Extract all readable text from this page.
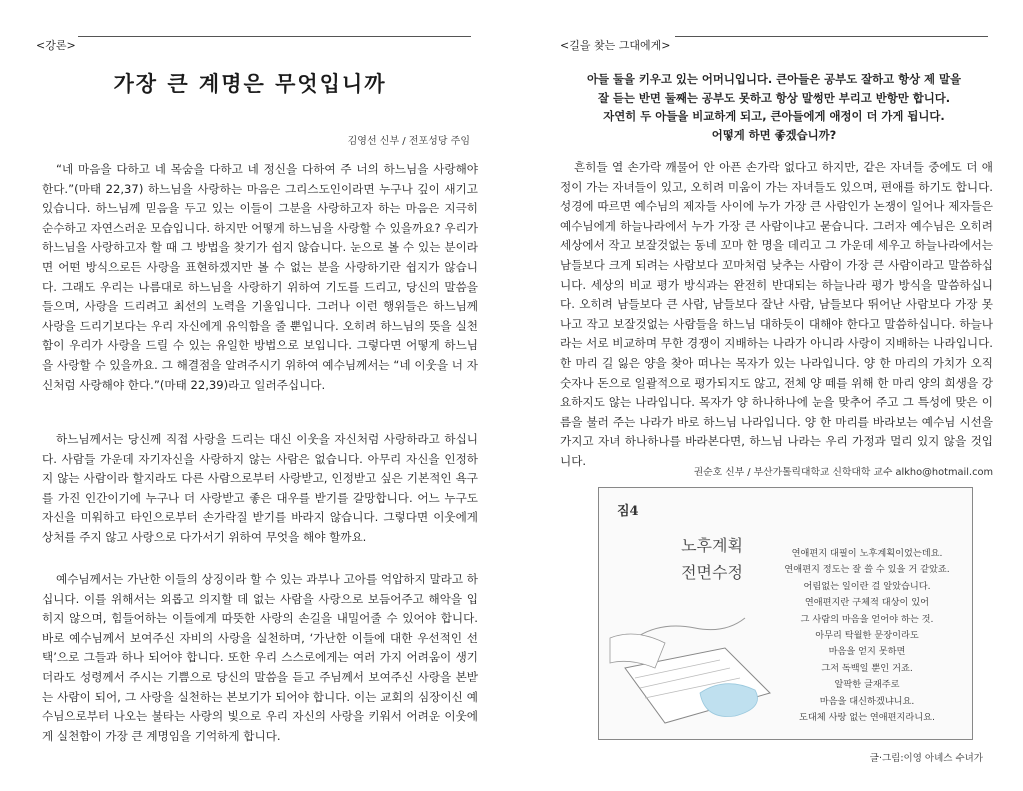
<강론>
가장 큰 계명은 무엇입니까
김영선 신부 / 전포성당 주임

“네 마음을 다하고 네 목숨을 다하고 네 정신을 다하여 주 너의 하느님을 사랑해야 한다.”(마태 22,37) 하느님을 사랑하는 마음은 그리스도인이라면 누구나 깊이 새기고 있습니다. 하느님께 믿음을 두고 있는 이들이 그분을 사랑하고자 하는 마음은 지극히 순수하고 자연스러운 모습입니다. 하지만 어떻게 하느님을 사랑할 수 있을까요? 우리가 하느님을 사랑하고자 할 때 그 방법을 찾기가 쉽지 않습니다. 눈으로 볼 수 있는 분이라면 어떤 방식으로든 사랑을 표현하겠지만 볼 수 없는 분을 사랑하기란 쉽지가 않습니다. 그래도 우리는 나름대로 하느님을 사랑하기 위하여 기도를 드리고, 당신의 말씀을 들으며, 사랑을 드리려고 최선의 노력을 기울입니다. 그러나 이런 행위들은 하느님께 사랑을 드리기보다는 우리 자신에게 유익함을 줄 뿐입니다. 오히려 하느님의 뜻을 실천함이 우리가 사랑을 드릴 수 있는 유일한 방법으로 보입니다. 그렇다면 어떻게 하느님을 사랑할 수 있을까요. 그 해결점을 알려주시기 위하여 예수님께서는 “네 이웃을 너 자신처럼 사랑해야 한다.”(마태 22,39)라고 일러주십니다.

하느님께서는 당신께 직접 사랑을 드리는 대신 이웃을 자신처럼 사랑하라고 하십니다. 사람들 가운데 자기자신을 사랑하지 않는 사람은 없습니다. 아무리 자신을 인정하지 않는 사람이라 할지라도 다른 사람으로부터 사랑받고, 인정받고 싶은 기본적인 욕구를 가진 인간이기에 누구나 더 사랑받고 좋은 대우를 받기를 갈망합니다. 어느 누구도 자신을 미워하고 타인으로부터 손가락질 받기를 바라지 않습니다. 그렇다면 이웃에게 상처를 주지 않고 사랑으로 다가서기 위하여 무엇을 해야 할까요.

예수님께서는 가난한 이들의 상징이라 할 수 있는 과부나 고아를 억압하지 말라고 하십니다. 이를 위해서는 외롭고 의지할 데 없는 사람을 사랑으로 보듬어주고 해악을 입히지 않으며, 힘들어하는 이들에게 따뜻한 사랑의 손길을 내밀어줄 수 있어야 합니다. 바로 예수님께서 보여주신 자비의 사랑을 실천하며, ‘가난한 이들에 대한 우선적인 선택’으로 그들과 하나 되어야 합니다. 또한 우리 스스로에게는 여러 가지 어려움이 생기더라도 성령께서 주시는 기쁨으로 당신의 말씀을 듣고 주님께서 보여주신 사랑을 본받는 사람이 되어, 그 사랑을 실천하는 본보기가 되어야 합니다. 이는 교회의 심장이신 예수님으로부터 나오는 불타는 사랑의 빛으로 우리 자신의 사랑을 키워서 어려운 이웃에게 실천함이 가장 큰 계명임을 기억하게 합니다.

<길을 찾는 그대에게>
아들 둘을 키우고 있는 어머니입니다. 큰아들은 공부도 잘하고 항상 제 말을
잘 듣는 반면 둘째는 공부도 못하고 항상 말썽만 부리고 반항만 합니다.
자연히 두 아들을 비교하게 되고, 큰아들에게 애정이 더 가게 됩니다.
어떻게 하면 좋겠습니까?

흔히들 열 손가락 깨물어 안 아픈 손가락 없다고 하지만, 같은 자녀들 중에도 더 애정이 가는 자녀들이 있고, 오히려 미움이 가는 자녀들도 있으며, 편애를 하기도 합니다. 성경에 따르면 예수님의 제자들 사이에 누가 가장 큰 사람인가 논쟁이 일어나 제자들은 예수님에게 하늘나라에서 누가 가장 큰 사람이냐고 묻습니다. 그러자 예수님은 오히려 세상에서 작고 보잘것없는 동네 꼬마 한 명을 데리고 그 가운데 세우고 하늘나라에서는 남들보다 크게 되려는 사람보다 꼬마처럼 낮추는 사람이 가장 큰 사람이라고 말씀하십니다. 세상의 비교 평가 방식과는 완전히 반대되는 하늘나라 평가 방식을 말씀하십니다. 오히려 남들보다 큰 사람, 남들보다 잘난 사람, 남들보다 뛰어난 사람보다 가장 못나고 작고 보잘것없는 사람들을 하느님 대하듯이 대해야 한다고 말씀하십니다. 하늘나라는 서로 비교하며 무한 경쟁이 지배하는 나라가 아니라 사랑이 지배하는 나라입니다. 한 마리 길 잃은 양을 찾아 떠나는 목자가 있는 나라입니다. 양 한 마리의 가치가 오직 숫자나 돈으로 일괄적으로 평가되지도 않고, 전체 양 떼를 위해 한 마리 양의 희생을 강요하지도 않는 나라입니다. 목자가 양 하나하나에 눈을 맞추어 주고 그 특성에 맞은 이름을 불러 주는 나라가 바로 하느님 나라입니다. 양 한 마리를 바라보는 예수님 시선을 가지고 자녀 하나하나를 바라본다면, 하느님 나라는 우리 가정과 멀리 있지 않을 것입니다.

권순호 신부 / 부산가톨릭대학교 신학대학 교수 alkho@hotmail.com
짐4
노후계획
전면수정
연애편지 대필이 노후계획이었는데요.
연애편지 정도는 잘 쓸 수 있을 거 같았죠.
어림없는 일이란 걸 알았습니다.
연애편지란 구체적 대상이 있어
그 사람의 마음을 얻어야 하는 것.
아무리 탁월한 문장이라도
마음을 얻지 못하면
그저 독백일 뿐인 거죠.
알팍한 글재주로
마음을 대신하겠냐니요.
도대체 사랑 없는 연애편지라니요.
글·그림:이영 아녜스 수녀가
